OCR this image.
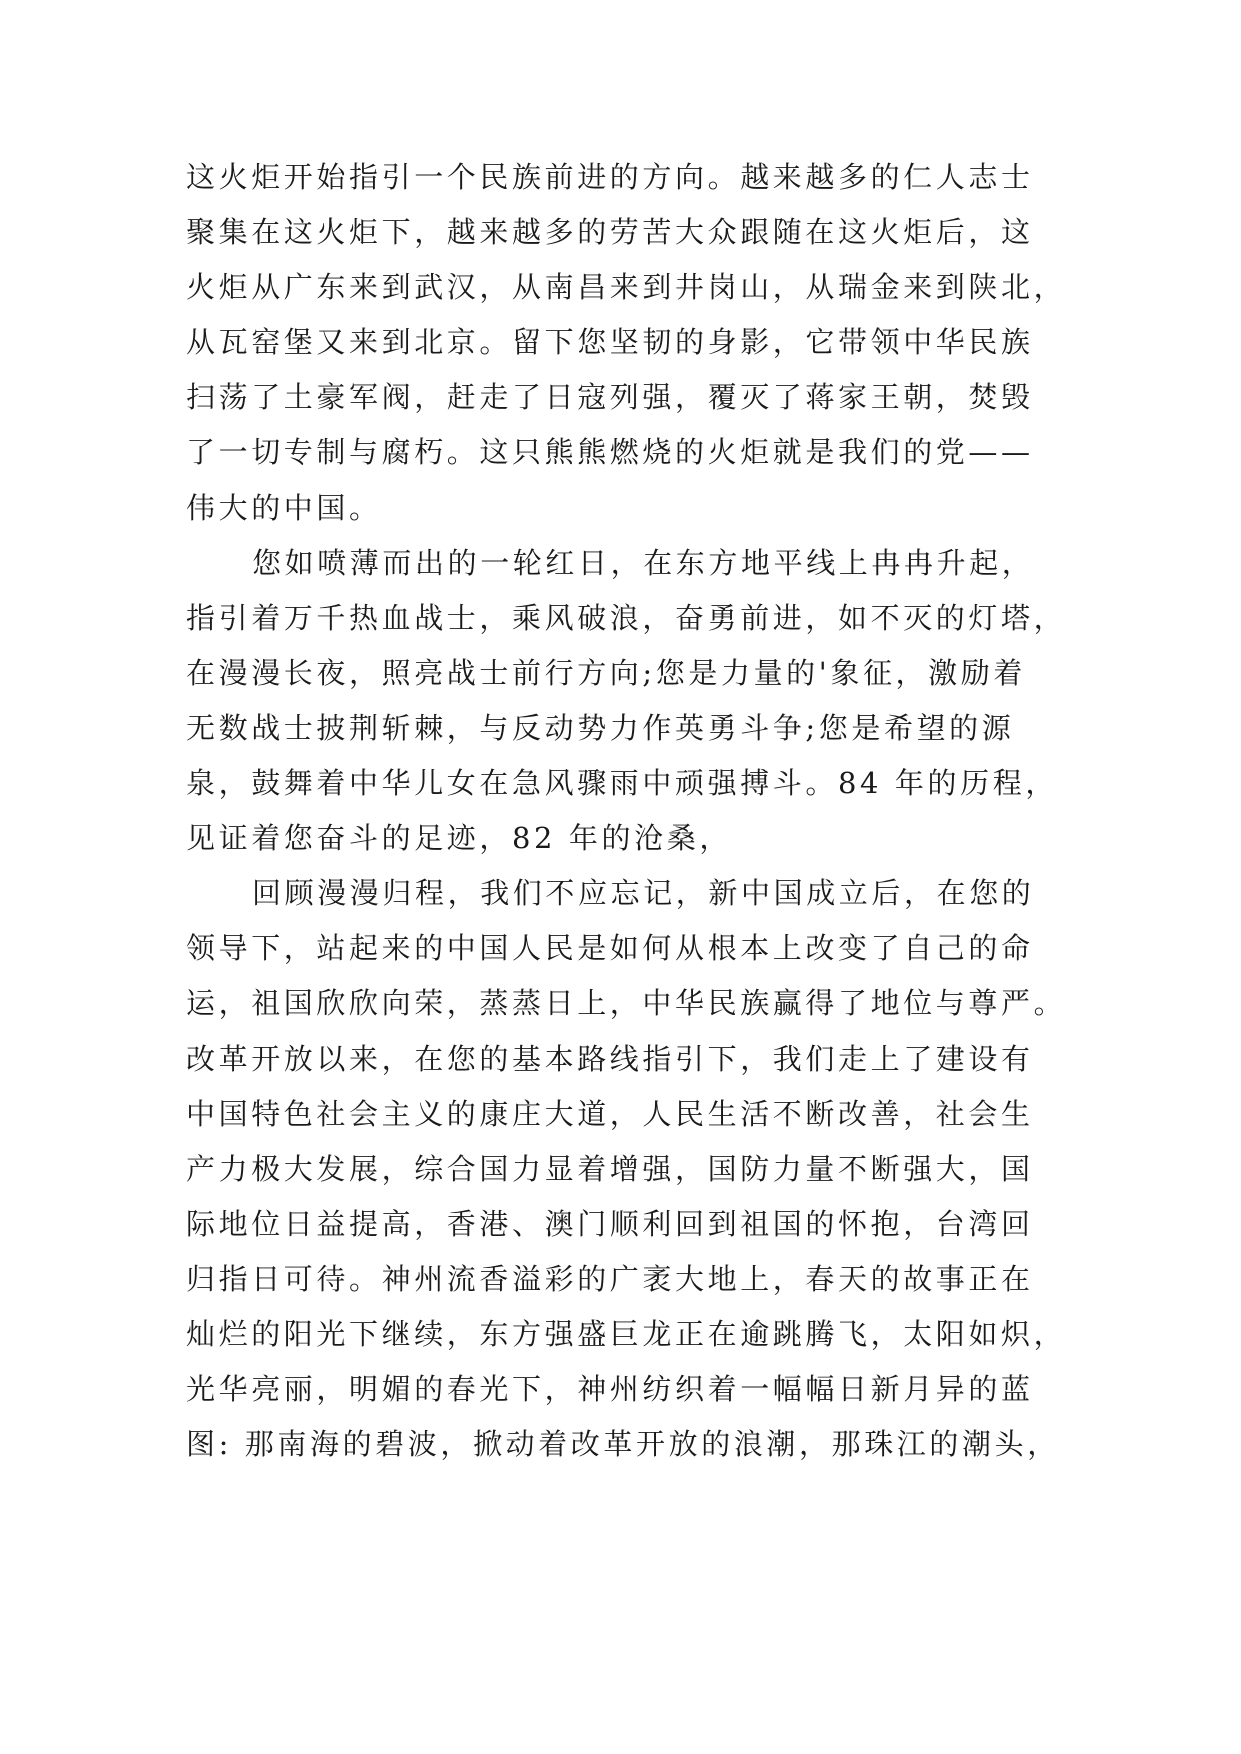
这火炬开始指引一个民族前进的方向。越来越多的仁人志士
聚集在这火炬下，越来越多的劳苦大众跟随在这火炬后，这
火炬从广东来到武汉，从南昌来到井岗山，从瑞金来到陕北，
从瓦窑堡又来到北京。留下您坚韧的身影，它带领中华民族
扫荡了土豪军阀，赶走了日寇列强，覆灭了蒋家王朝，焚毁
了一切专制与腐朽。这只熊熊燃烧的火炬就是我们的党——
伟大的中国。
您如喷薄而出的一轮红日，在东方地平线上冉冉升起，
指引着万千热血战士，乘风破浪，奋勇前进，如不灭的灯塔，
在漫漫长夜，照亮战士前行方向;您是力量的'象征，激励着
无数战士披荆斩棘，与反动势力作英勇斗争;您是希望的源
泉，鼓舞着中华儿女在急风骤雨中顽强搏斗。84 年的历程，
见证着您奋斗的足迹，82 年的沧桑，
回顾漫漫归程，我们不应忘记，新中国成立后，在您的
领导下，站起来的中国人民是如何从根本上改变了自己的命
运，祖国欣欣向荣，蒸蒸日上，中华民族赢得了地位与尊严。
改革开放以来，在您的基本路线指引下，我们走上了建设有
中国特色社会主义的康庄大道，人民生活不断改善，社会生
产力极大发展，综合国力显着增强，国防力量不断强大，国
际地位日益提高，香港、澳门顺利回到祖国的怀抱，台湾回
归指日可待。神州流香溢彩的广袤大地上，春天的故事正在
灿烂的阳光下继续，东方强盛巨龙正在逾跳腾飞，太阳如炽，
光华亮丽，明媚的春光下，神州纺织着一幅幅日新月异的蓝
图: 那南海的碧波，掀动着改革开放的浪潮，那珠江的潮头，
